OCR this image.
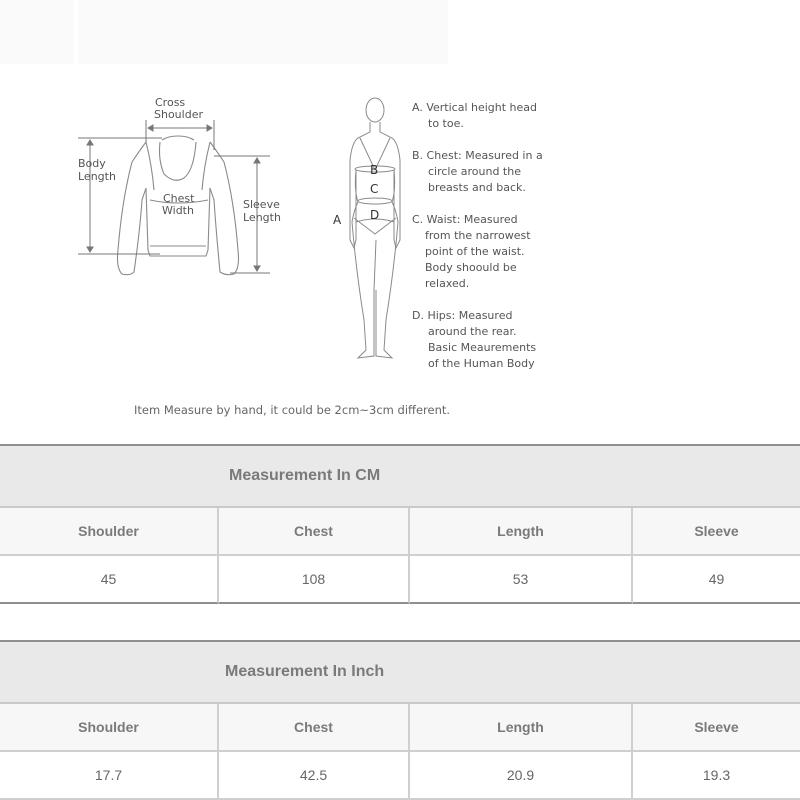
Cross
Shoulder
Body
Length
Chest
Width	Sleeve
Length
B
C
D
A
A. Vertical height head
to toe.
B. Chest: Measured in a
circle around the
breasts and back.
C. Waist: Measured
from the narrowest
point of the waist.
Body shoould be
relaxed.
D. Hips: Measured
around the rear.
Basic Meaurements
of the Human Body
Item Measure by hand, it could be 2cm~3cm different.
Measurement In CM			
Shoulder	Chest	Length	Sleeve
45	108	53	49
Measurement In Inch			
Shoulder	Chest	Length	Sleeve
17.7	42.5	20.9	19.3
